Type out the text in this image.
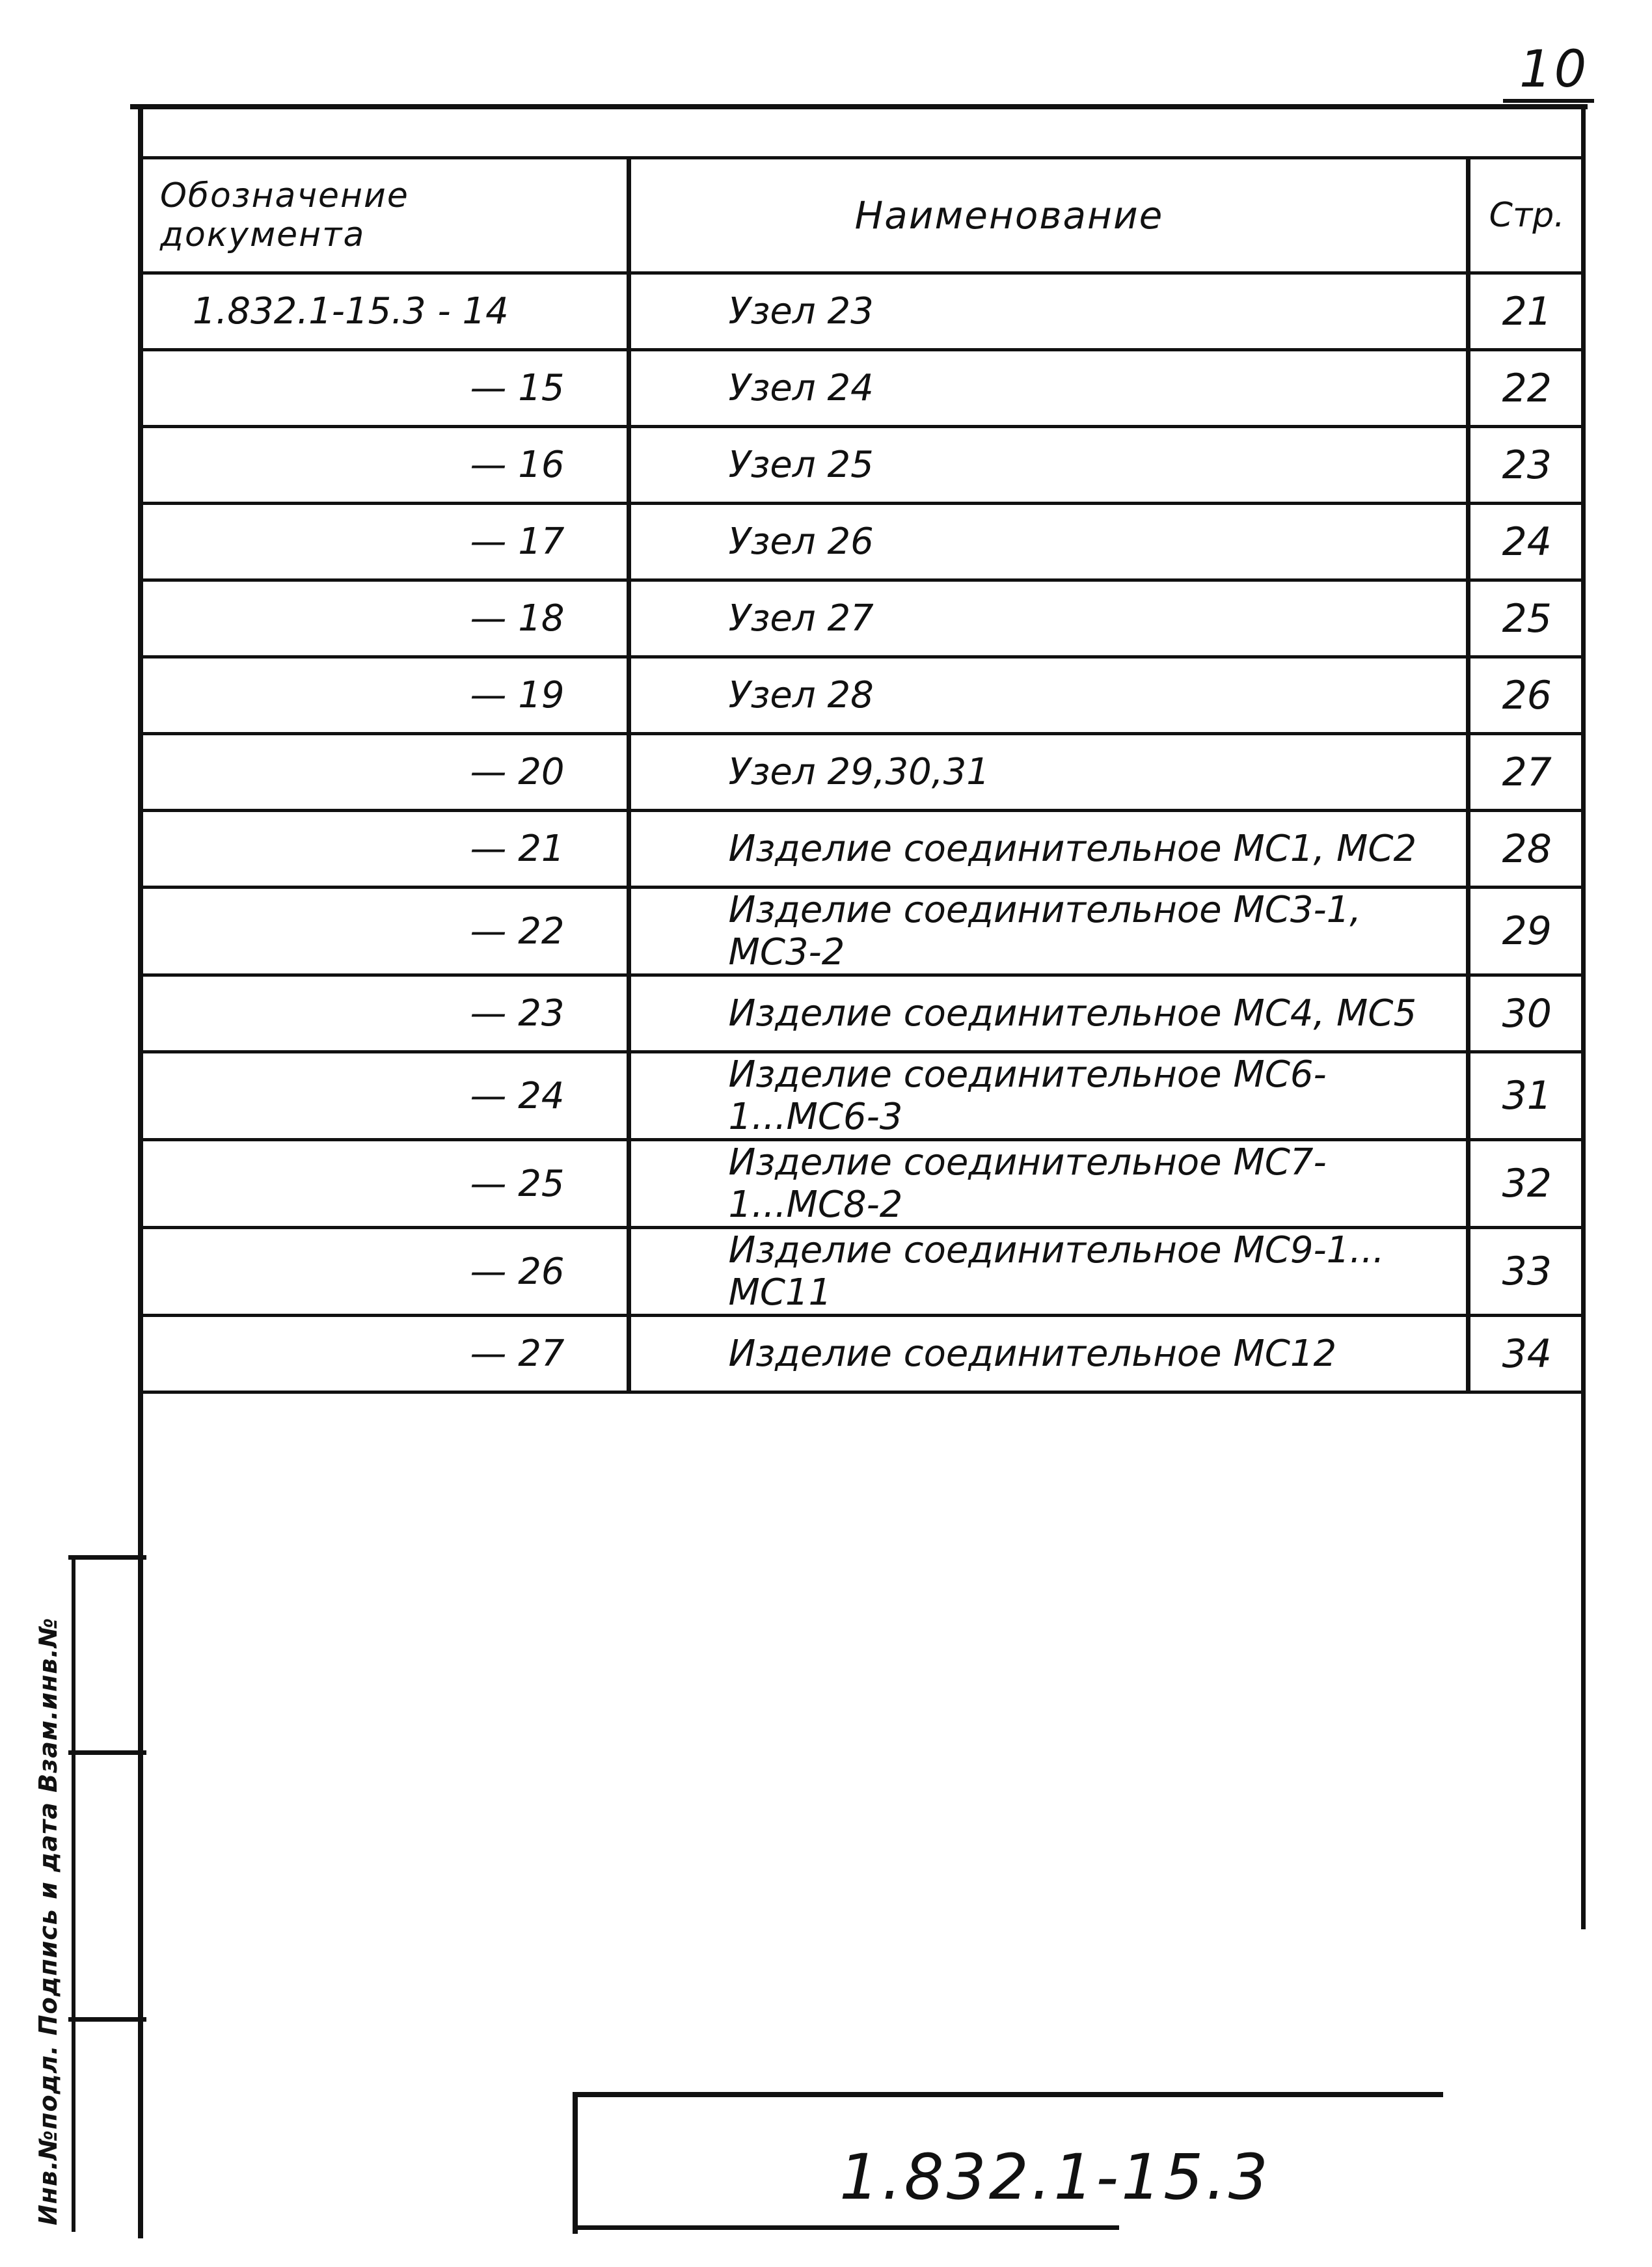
10
Обозначение документа	Наименование	Стр.
1.832.1-15.3 - 14	Узел 23	21
— 15	Узел 24	22
— 16	Узел 25	23
— 17	Узел 26	24
— 18	Узел 27	25
— 19	Узел 28	26
— 20	Узел 29,30,31	27
— 21	Изделие соединительное МС1, МС2	28
— 22	Изделие соединительное МС3-1, МС3-2	29
— 23	Изделие соединительное МС4, МС5	30
— 24	Изделие соединительное МС6-1...МС6-3	31
— 25	Изделие соединительное МС7-1...МС8-2	32
— 26	Изделие соединительное МС9-1... МС11	33
— 27	Изделие соединительное МС12	34
Инв.№подл. Подпись и дата Взам.инв.№	1.832.1-15.3
